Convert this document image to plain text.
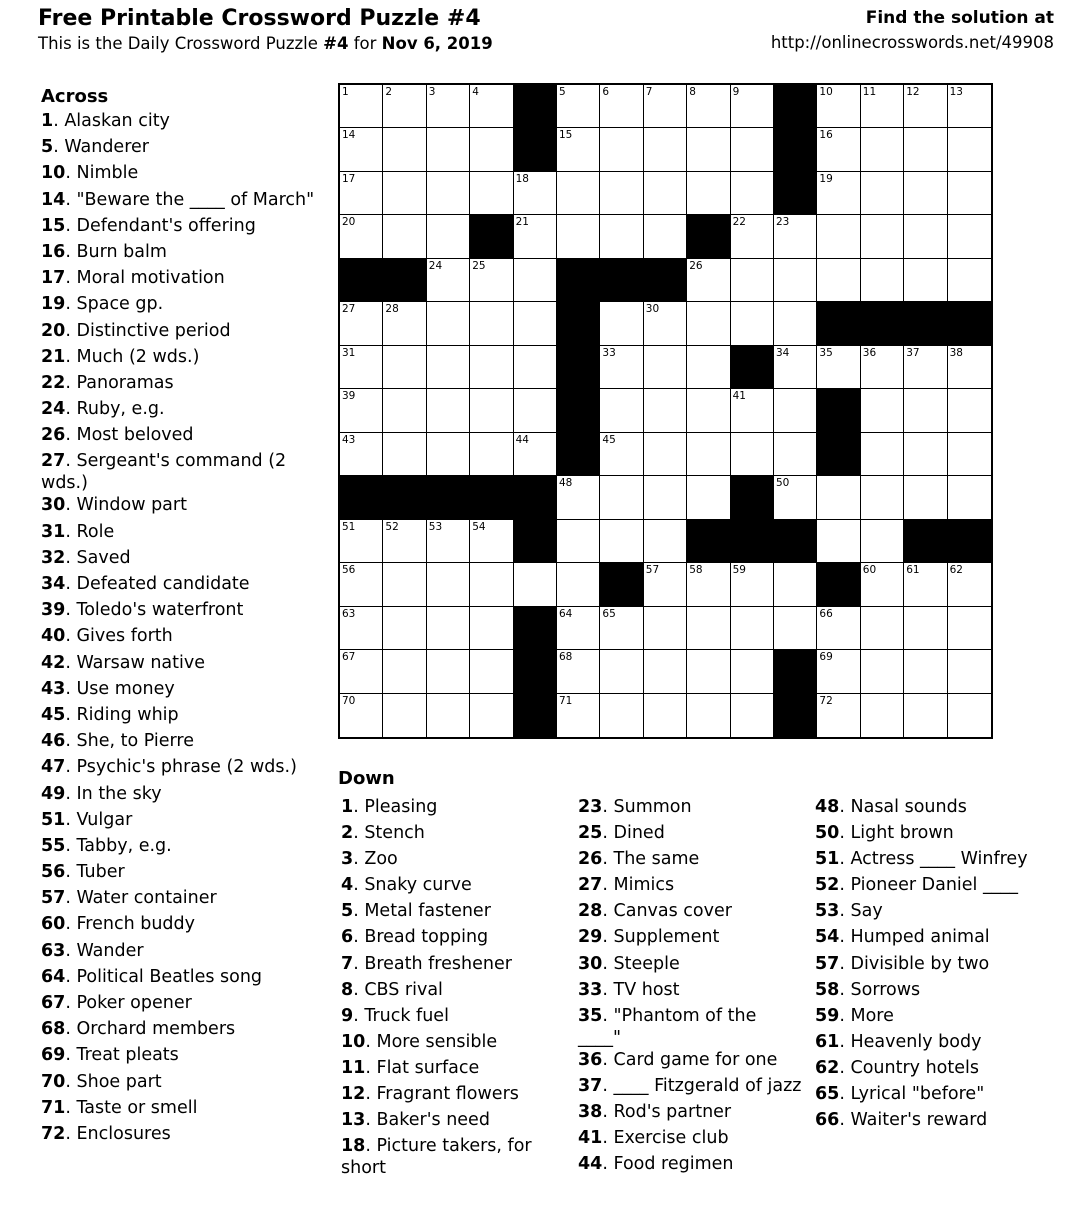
Free Printable Crossword Puzzle #4
This is the Daily Crossword Puzzle #4 for Nov 6, 2019
Find the solution at
http://onlinecrosswords.net/49908
Across
1. Alaskan city
5. Wanderer
10. Nimble
14. "Beware the ____ of March"
15. Defendant's offering
16. Burn balm
17. Moral motivation
19. Space gp.
20. Distinctive period
21. Much (2 wds.)
22. Panoramas
24. Ruby, e.g.
26. Most beloved
27. Sergeant's command (2 wds.)
30. Window part
31. Role
32. Saved
34. Defeated candidate
39. Toledo's waterfront
40. Gives forth
42. Warsaw native
43. Use money
45. Riding whip
46. She, to Pierre
47. Psychic's phrase (2 wds.)
49. In the sky
51. Vulgar
55. Tabby, e.g.
56. Tuber
57. Water container
60. French buddy
63. Wander
64. Political Beatles song
67. Poker opener
68. Orchard members
69. Treat pleats
70. Shoe part
71. Taste or smell
72. Enclosures
1	2	3	4	5	6	7	8	9	10	11	12	13
14	15	16
17	18	19
20	21	22	23
24	25	26
27	28	30
31	33	34	35	36	37	38
39	41
43	44	45
48	50
51	52	53	54
56	57	58	59	60	61	62
63	64	65	66
67	68	69
70	71	72
Down
1. Pleasing
2. Stench
3. Zoo
4. Snaky curve
5. Metal fastener
6. Bread topping
7. Breath freshener
8. CBS rival
9. Truck fuel
10. More sensible
11. Flat surface
12. Fragrant flowers
13. Baker's need
18. Picture takers, for short
23. Summon
25. Dined
26. The same
27. Mimics
28. Canvas cover
29. Supplement
30. Steeple
33. TV host
35. "Phantom of the ____"
36. Card game for one
37. ____ Fitzgerald of jazz
38. Rod's partner
41. Exercise club
44. Food regimen
48. Nasal sounds
50. Light brown
51. Actress ____ Winfrey
52. Pioneer Daniel ____
53. Say
54. Humped animal
57. Divisible by two
58. Sorrows
59. More
61. Heavenly body
62. Country hotels
65. Lyrical "before"
66. Waiter's reward
